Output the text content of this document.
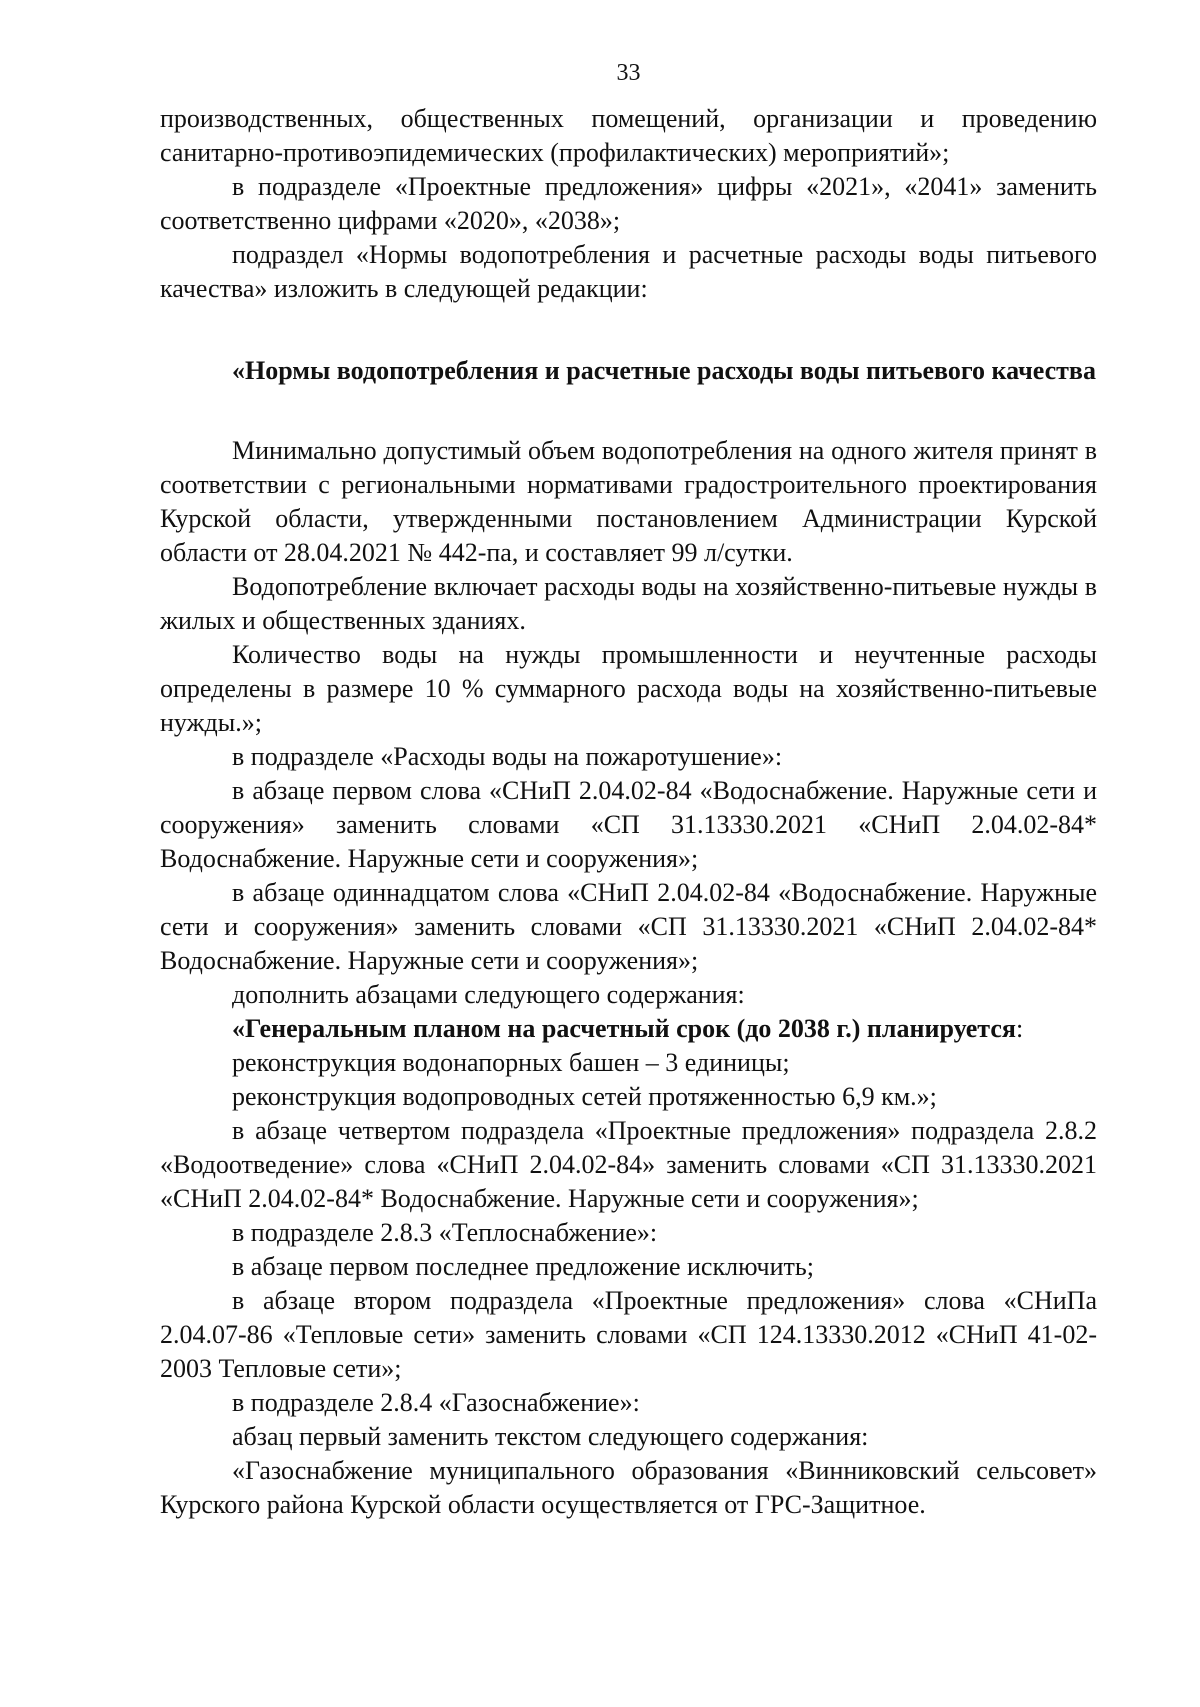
33

производственных, общественных помещений, организации и проведению санитарно-противоэпидемических (профилактических) мероприятий»;

в подразделе «Проектные предложения» цифры «2021», «2041» заменить соответственно цифрами «2020», «2038»;

подраздел «Нормы водопотребления и расчетные расходы воды питьевого качества» изложить в следующей редакции:

«Нормы водопотребления и расчетные расходы воды питьевого качества

Минимально допустимый объем водопотребления на одного жителя принят в соответствии с региональными нормативами градостроительного проектирования Курской области, утвержденными постановлением Администрации Курской области от 28.04.2021 № 442-па, и составляет 99 л/сутки.

Водопотребление включает расходы воды на хозяйственно-питьевые нужды в жилых и общественных зданиях.

Количество воды на нужды промышленности и неучтенные расходы определены в размере 10 % суммарного расхода воды на хозяйственно-питьевые нужды.»;

в подразделе «Расходы воды на пожаротушение»:

в абзаце первом слова «СНиП 2.04.02-84 «Водоснабжение. Наружные сети и сооружения» заменить словами «СП 31.13330.2021 «СНиП 2.04.02-84* Водоснабжение. Наружные сети и сооружения»;

в абзаце одиннадцатом слова «СНиП 2.04.02-84 «Водоснабжение. Наружные сети и сооружения» заменить словами «СП 31.13330.2021 «СНиП 2.04.02-84* Водоснабжение. Наружные сети и сооружения»;

дополнить абзацами следующего содержания:

«Генеральным планом на расчетный срок (до 2038 г.) планируется:

реконструкция водонапорных башен – 3 единицы;

реконструкция водопроводных сетей протяженностью 6,9 км.»;

в абзаце четвертом подраздела «Проектные предложения» подраздела 2.8.2 «Водоотведение» слова «СНиП 2.04.02-84» заменить словами «СП 31.13330.2021 «СНиП 2.04.02-84* Водоснабжение. Наружные сети и сооружения»;

в подразделе 2.8.3 «Теплоснабжение»:

в абзаце первом последнее предложение исключить;

в абзаце втором подраздела «Проектные предложения» слова «СНиПа 2.04.07-86 «Тепловые сети» заменить словами «СП 124.13330.2012 «СНиП 41-02-2003 Тепловые сети»;

в подразделе 2.8.4 «Газоснабжение»:

абзац первый заменить текстом следующего содержания:

«Газоснабжение муниципального образования «Винниковский сельсовет» Курского района Курской области осуществляется от ГРС-Защитное.
